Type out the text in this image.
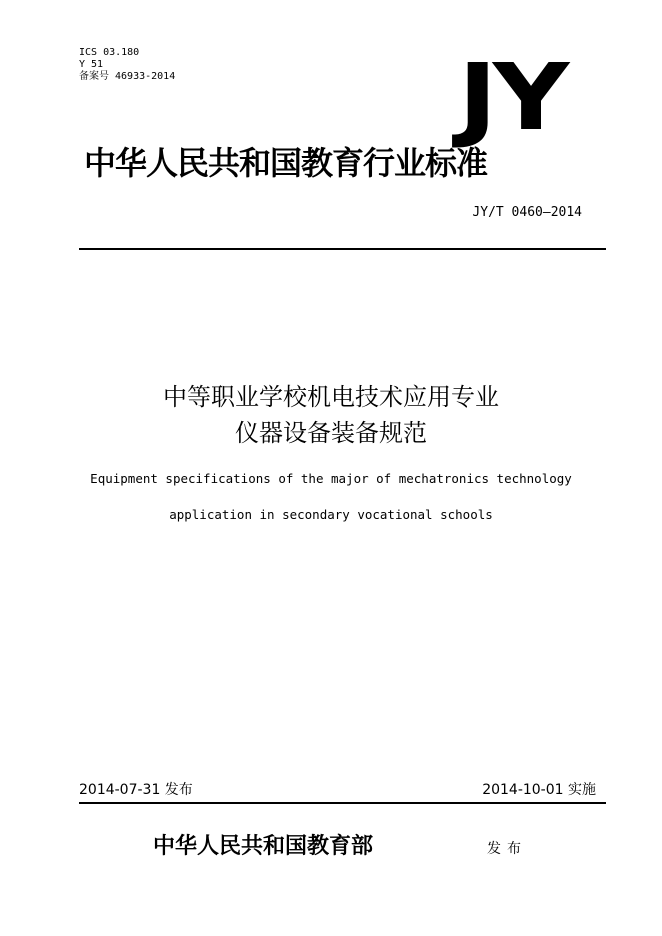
ICS 03.180
Y 51
备案号 46933-2014	JY
中华人民共和国教育行业标准
JY/T 0460—2014
中等职业学校机电技术应用专业
仪器设备装备规范
Equipment specifications of the major of mechatronics technology
application in secondary vocational schools
2014-07-31 发布	2014-10-01 实施
中华人民共和国教育部	发布
